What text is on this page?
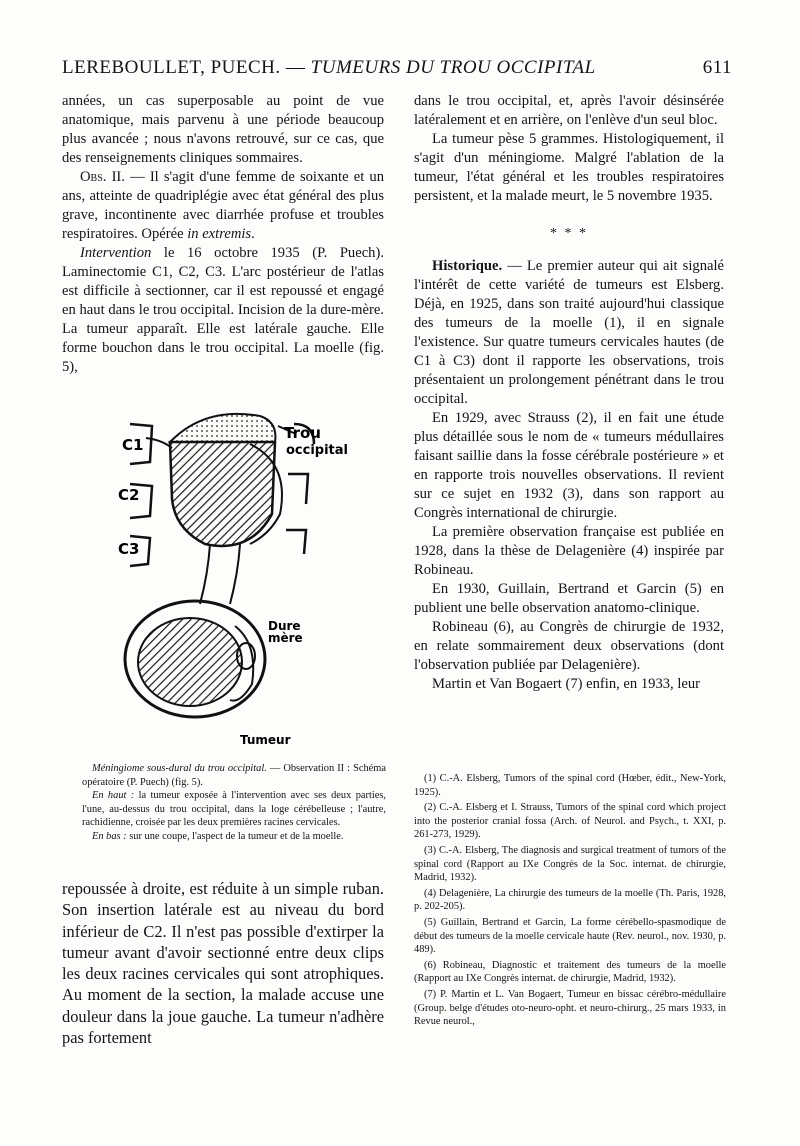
LEREBOULLET, PUECH. — TUMEURS DU TROU OCCIPITAL	611

années, un cas superposable au point de vue anatomique, mais parvenu à une période beaucoup plus avancée ; nous n'avons retrouvé, sur ce cas, que des renseignements cliniques sommaires.

Obs. II. — Il s'agit d'une femme de soixante et un ans, atteinte de quadriplégie avec état général des plus grave, incontinente avec diarrhée profuse et troubles respiratoires. Opérée in extremis.

Intervention le 16 octobre 1935 (P. Puech). Laminectomie C1, C2, C3. L'arc postérieur de l'atlas est difficile à sectionner, car il est repoussé et engagé en haut dans le trou occipital. Incision de la dure-mère. La tumeur apparaît. Elle est latérale gauche. Elle forme bouchon dans le trou occipital. La moelle (fig. 5),

C1
C2
C3
Trou
occipital
Dure
mère
Tumeur

Méningiome sous-dural du trou occipital. — Observation II : Schéma opératoire (P. Puech) (fig. 5).

En haut : la tumeur exposée à l'intervention avec ses deux parties, l'une, au-dessus du trou occipital, dans la loge cérébelleuse ; l'autre, rachidienne, croisée par les deux premières racines cervicales.

En bas : sur une coupe, l'aspect de la tumeur et de la moelle.

repoussée à droite, est réduite à un simple ruban. Son insertion latérale est au niveau du bord inférieur de C2. Il n'est pas possible d'extirper la tumeur avant d'avoir sectionné entre deux clips les deux racines cervicales qui sont atrophiques. Au moment de la section, la malade accuse une douleur dans la joue gauche. La tumeur n'adhère pas fortement

dans le trou occipital, et, après l'avoir désinsérée latéralement et en arrière, on l'enlève d'un seul bloc.

La tumeur pèse 5 grammes. Histologiquement, il s'agit d'un méningiome. Malgré l'ablation de la tumeur, l'état général et les troubles respiratoires persistent, et la malade meurt, le 5 novembre 1935.

* * *

Historique. — Le premier auteur qui ait signalé l'intérêt de cette variété de tumeurs est Elsberg. Déjà, en 1925, dans son traité aujourd'hui classique des tumeurs de la moelle (1), il en signale l'existence. Sur quatre tumeurs cervicales hautes (de C1 à C3) dont il rapporte les observations, trois présentaient un prolongement pénétrant dans le trou occipital.

En 1929, avec Strauss (2), il en fait une étude plus détaillée sous le nom de « tumeurs médullaires faisant saillie dans la fosse cérébrale postérieure » et en rapporte trois nouvelles observations. Il revient sur ce sujet en 1932 (3), dans son rapport au Congrès international de chirurgie.

La première observation française est publiée en 1928, dans la thèse de Delagenière (4) inspirée par Robineau.

En 1930, Guillain, Bertrand et Garcin (5) en publient une belle observation anatomo-clinique.

Robineau (6), au Congrès de chirurgie de 1932, en relate sommairement deux observations (dont l'observation publiée par Delagenière).

Martin et Van Bogaert (7) enfin, en 1933, leur

(1) C.-A. Elsberg, Tumors of the spinal cord (Hœber, édit., New-York, 1925).

(2) C.-A. Elsberg et I. Strauss, Tumors of the spinal cord which project into the posterior cranial fossa (Arch. of Neurol. and Psych., t. XXI, p. 261-273, 1929).

(3) C.-A. Elsberg, The diagnosis and surgical treatment of tumors of the spinal cord (Rapport au IXe Congrès de la Soc. internat. de chirurgie, Madrid, 1932).

(4) Delagenière, La chirurgie des tumeurs de la moelle (Th. Paris, 1928, p. 202-205).

(5) Guillain, Bertrand et Garcin, La forme cérébello-spasmodique de début des tumeurs de la moelle cervicale haute (Rev. neurol., nov. 1930, p. 489).

(6) Robineau, Diagnostic et traitement des tumeurs de la moelle (Rapport au IXe Congrès internat. de chirurgie, Madrid, 1932).

(7) P. Martin et L. Van Bogaert, Tumeur en bissac cérébro-médullaire (Group. belge d'études oto-neuro-opht. et neuro-chirurg., 25 mars 1933, in Revue neurol.,
